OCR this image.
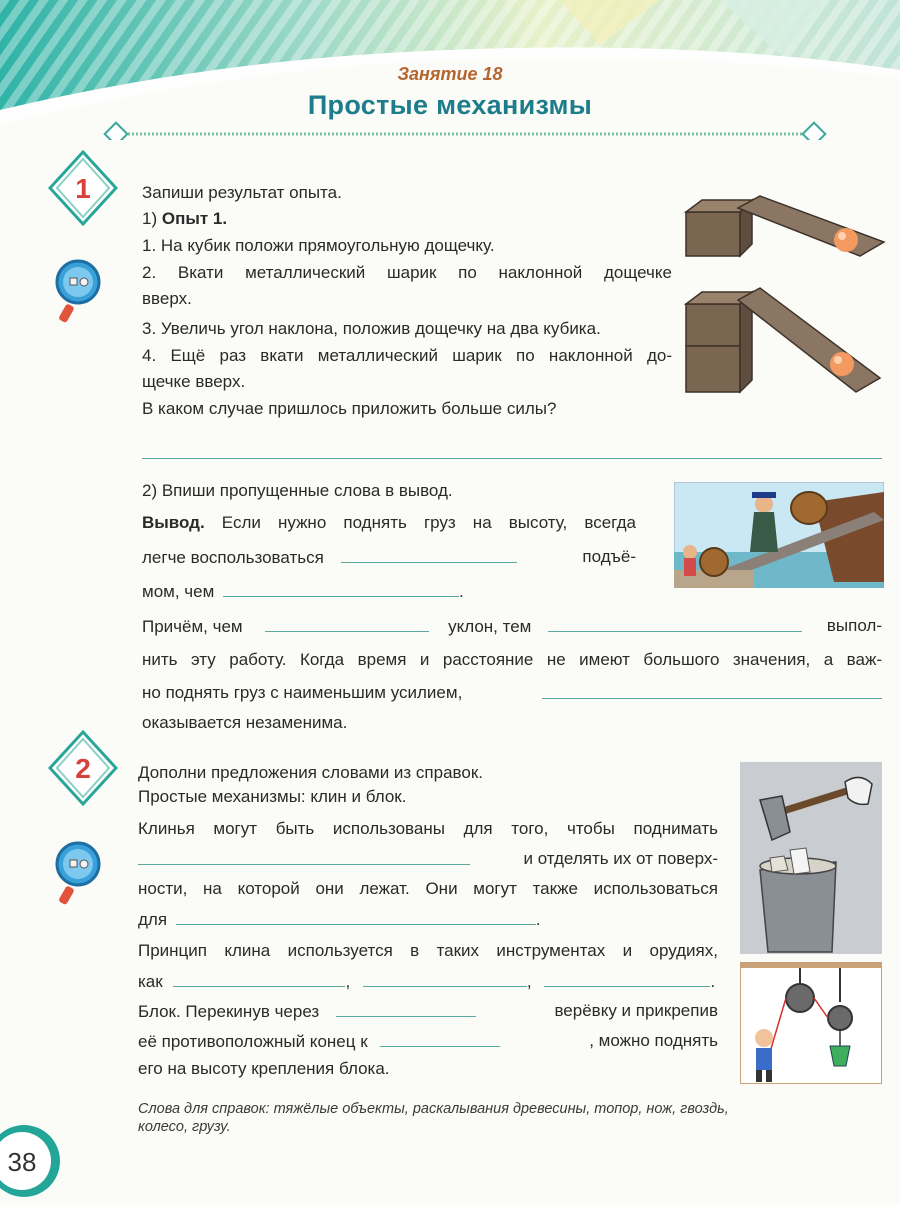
Занятие 18
Простые механизмы
1	Запиши результат опыта.
1) Опыт 1.
1. На кубик положи прямоугольную дощечку.
2. Вкати металлический шарик по наклонной дощечке
вверх.
3. Увеличь угол наклона, положив дощечку на два кубика.
4. Ещё раз вкати металлический шарик по наклонной до-
щечке вверх.
В каком случае пришлось приложить больше силы?
2) Впиши пропущенные слова в вывод.
Вывод. Если нужно поднять груз на высоту, всегда
легче воспользоваться	подъё-
мом, чем	.
Причём, чем	уклон, тем	выпол-
нить эту работу. Когда время и расстояние не имеют большого значения, а важ-
но поднять груз с наименьшим усилием,
оказывается незаменима.
2	Дополни предложения словами из справок.
Простые механизмы: клин и блок.
Клинья могут быть использованы для того, чтобы поднимать
и отделять их от поверх-
ности, на которой они лежат. Они могут также использоваться
для	.
Принцип клина используется в таких инструментах и орудиях,
как	,	,	.
Блок. Перекинув через	верёвку и прикрепив
её противоположный конец к	, можно поднять
его на высоту крепления блока.
Слова для справок: тяжёлые объекты, раскалывания древесины, топор, нож, гвоздь,
колесо, грузу.
38
